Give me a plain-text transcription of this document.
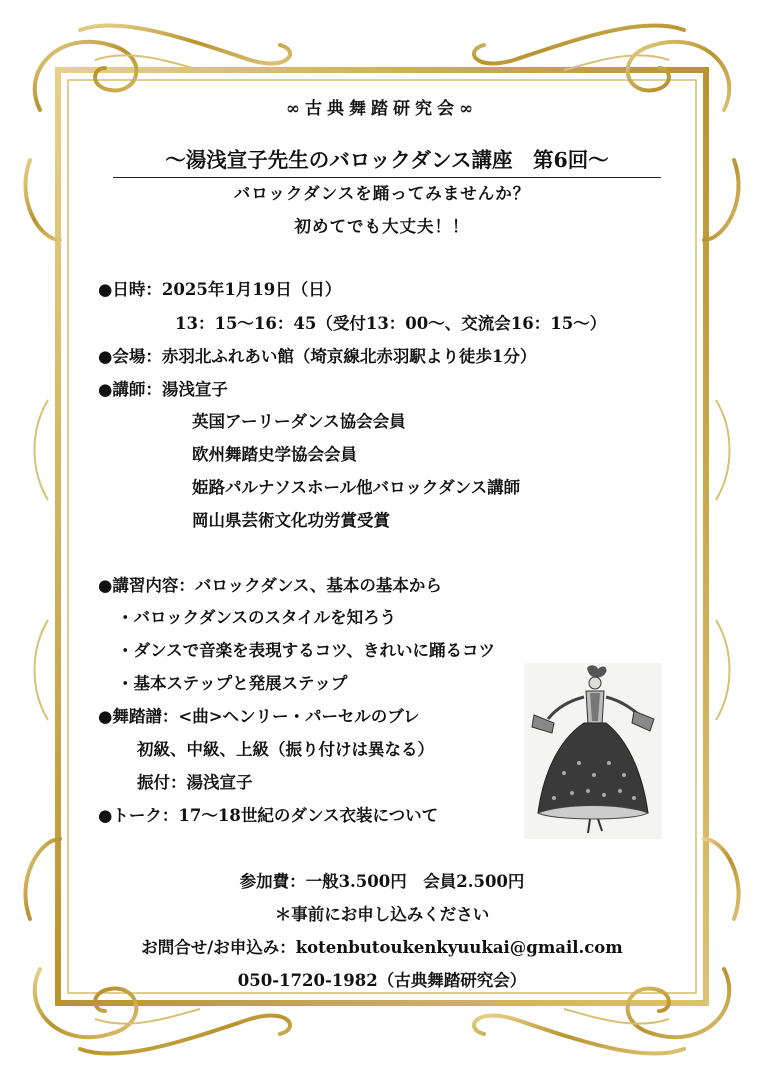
∞古典舞踏研究会∞
～湯浅宣子先生のバロックダンス講座　第6回～
バロックダンスを踊ってみませんか？
初めてでも大丈夫！！
●日時：2025年1月19日（日）
13：15～16：45（受付13：00～、交流会16：15～）
●会場：赤羽北ふれあい館（埼京線北赤羽駅より徒歩1分）
●講師：湯浅宣子
英国アーリーダンス協会会員
欧州舞踏史学協会会員
姫路パルナソスホール他バロックダンス講師
岡山県芸術文化功労賞受賞
●講習内容：バロックダンス、基本の基本から
・バロックダンスのスタイルを知ろう
・ダンスで音楽を表現するコツ、きれいに踊るコツ
・基本ステップと発展ステップ
●舞踏譜：<曲>ヘンリー・パーセルのブレ
初級、中級、上級（振り付けは異なる）
振付：湯浅宣子
●トーク：17～18世紀のダンス衣装について
参加費：一般3.500円　会員2.500円
＊事前にお申し込みください
お問合せ/お申込み：kotenbutoukenkyuukai@gmail.com
050-1720-1982（古典舞踏研究会）
